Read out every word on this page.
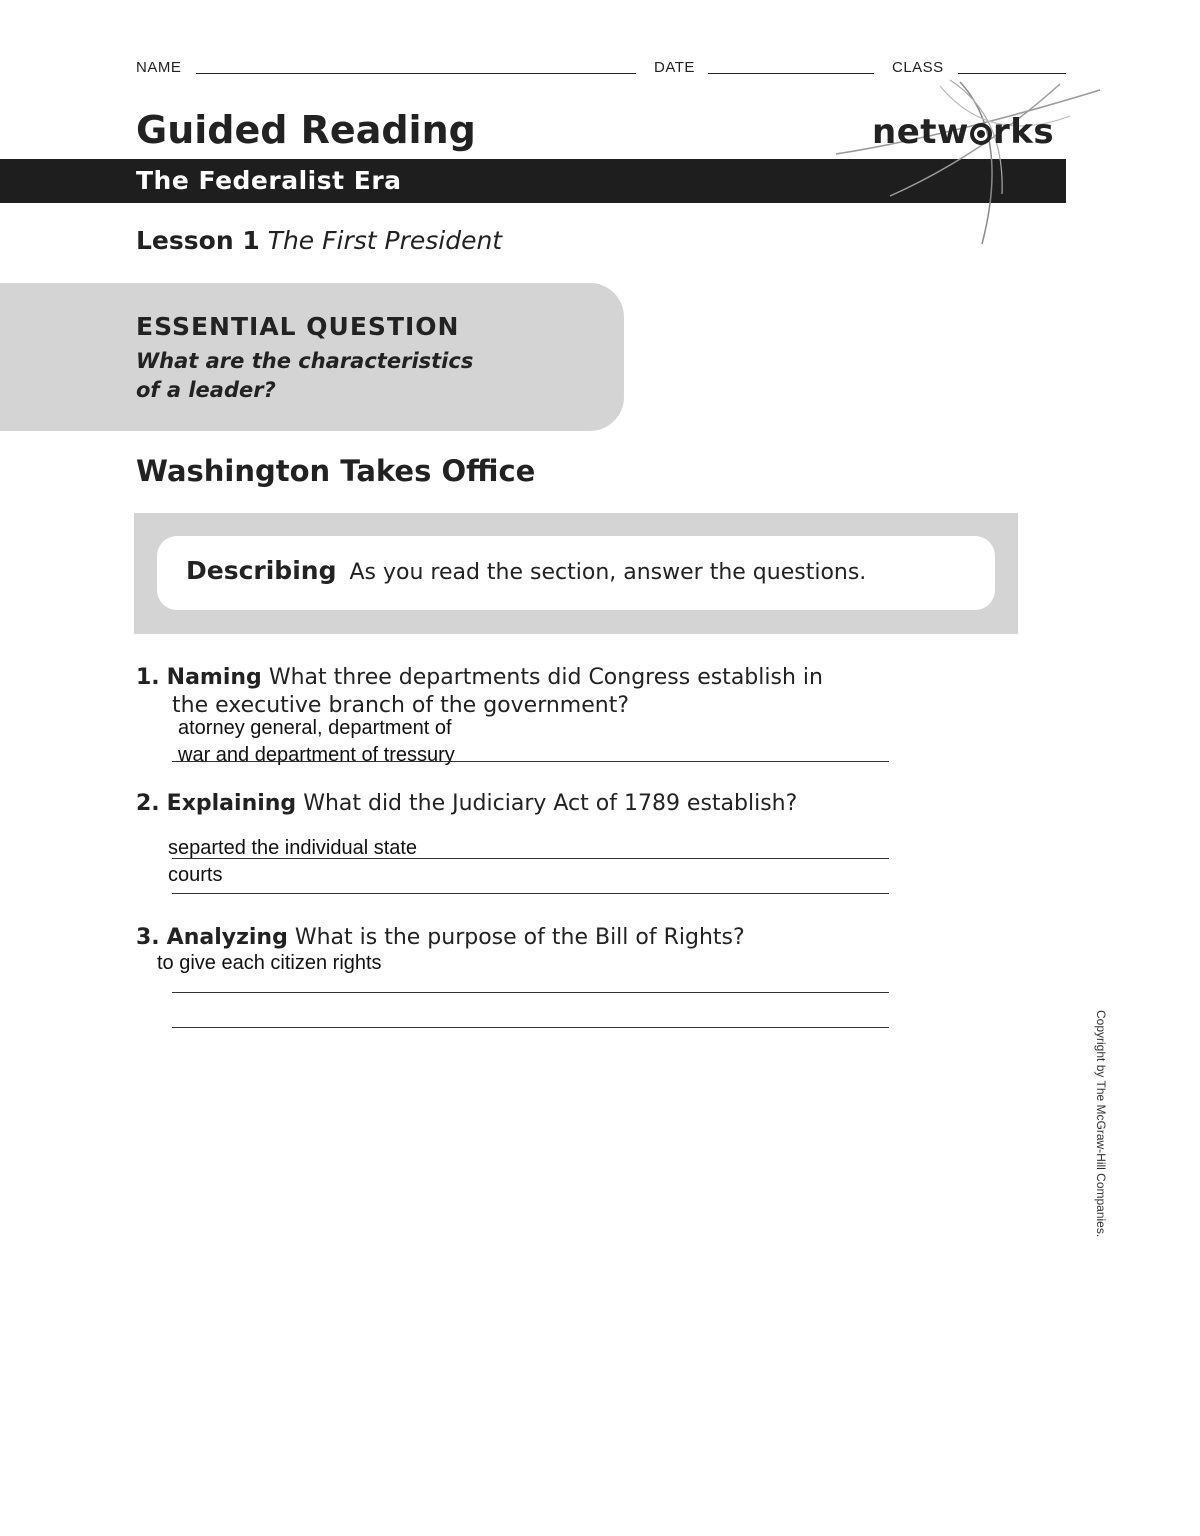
NAME	DATE	CLASS
Guided Reading
The Federalist Era
netw rks
Lesson 1 The First President
ESSENTIAL QUESTION
What are the characteristics
of a leader?
Washington Takes Office
Describing As you read the section, answer the questions.
1. Naming What three departments did Congress establish in
the executive branch of the government?
atorney general, department of
war and department of tressury
2. Explaining What did the Judiciary Act of 1789 establish?
separted the individual state
courts
3. Analyzing What is the purpose of the Bill of Rights?
to give each citizen rights
Copyright by The McGraw-Hill Companies.
